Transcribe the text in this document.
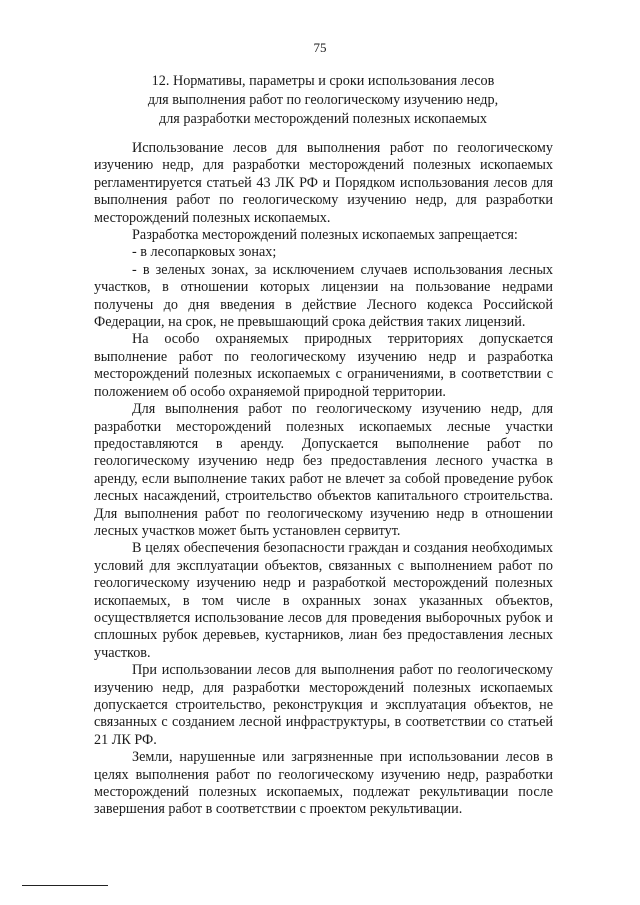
75
12. Нормативы, параметры и сроки использования лесов
для выполнения работ по геологическому изучению недр,
для разработки месторождений полезных ископаемых

Использование лесов для выполнения работ по геологическому изучению недр, для разработки месторождений полезных ископаемых регламентируется статьей 43 ЛК РФ и Порядком использования лесов для выполнения работ по геологическому изучению недр, для разработки месторождений полезных ископаемых.

Разработка месторождений полезных ископаемых запрещается:

- в лесопарковых зонах;

- в зеленых зонах, за исключением случаев использования лесных участков, в отношении которых лицензии на пользование недрами получены до дня введения в действие Лесного кодекса Российской Федерации, на срок, не превышающий срока действия таких лицензий.

На особо охраняемых природных территориях допускается выполнение работ по геологическому изучению недр и разработка месторождений полезных ископаемых с ограничениями, в соответствии с положением об особо охраняемой природной территории.

Для выполнения работ по геологическому изучению недр, для разработки месторождений полезных ископаемых лесные участки предоставляются в аренду. Допускается выполнение работ по геологическому изучению недр без предоставления лесного участка в аренду, если выполнение таких работ не влечет за собой проведение рубок лесных насаждений, строительство объектов капитального строительства. Для выполнения работ по геологическому изучению недр в отношении лесных участков может быть установлен сервитут.

В целях обеспечения безопасности граждан и создания необходимых условий для эксплуатации объектов, связанных с выполнением работ по геологическому изучению недр и разработкой месторождений полезных ископаемых, в том числе в охранных зонах указанных объектов, осуществляется использование лесов для проведения выборочных рубок и сплошных рубок деревьев, кустарников, лиан без предоставления лесных участков.

При использовании лесов для выполнения работ по геологическому изучению недр, для разработки месторождений полезных ископаемых допускается строительство, реконструкция и эксплуатация объектов, не связанных с созданием лесной инфраструктуры, в соответствии со статьей 21 ЛК РФ.

Земли, нарушенные или загрязненные при использовании лесов в целях выполнения работ по геологическому изучению недр, разработки месторождений полезных ископаемых, подлежат рекультивации после завершения работ в соответствии с проектом рекультивации.
